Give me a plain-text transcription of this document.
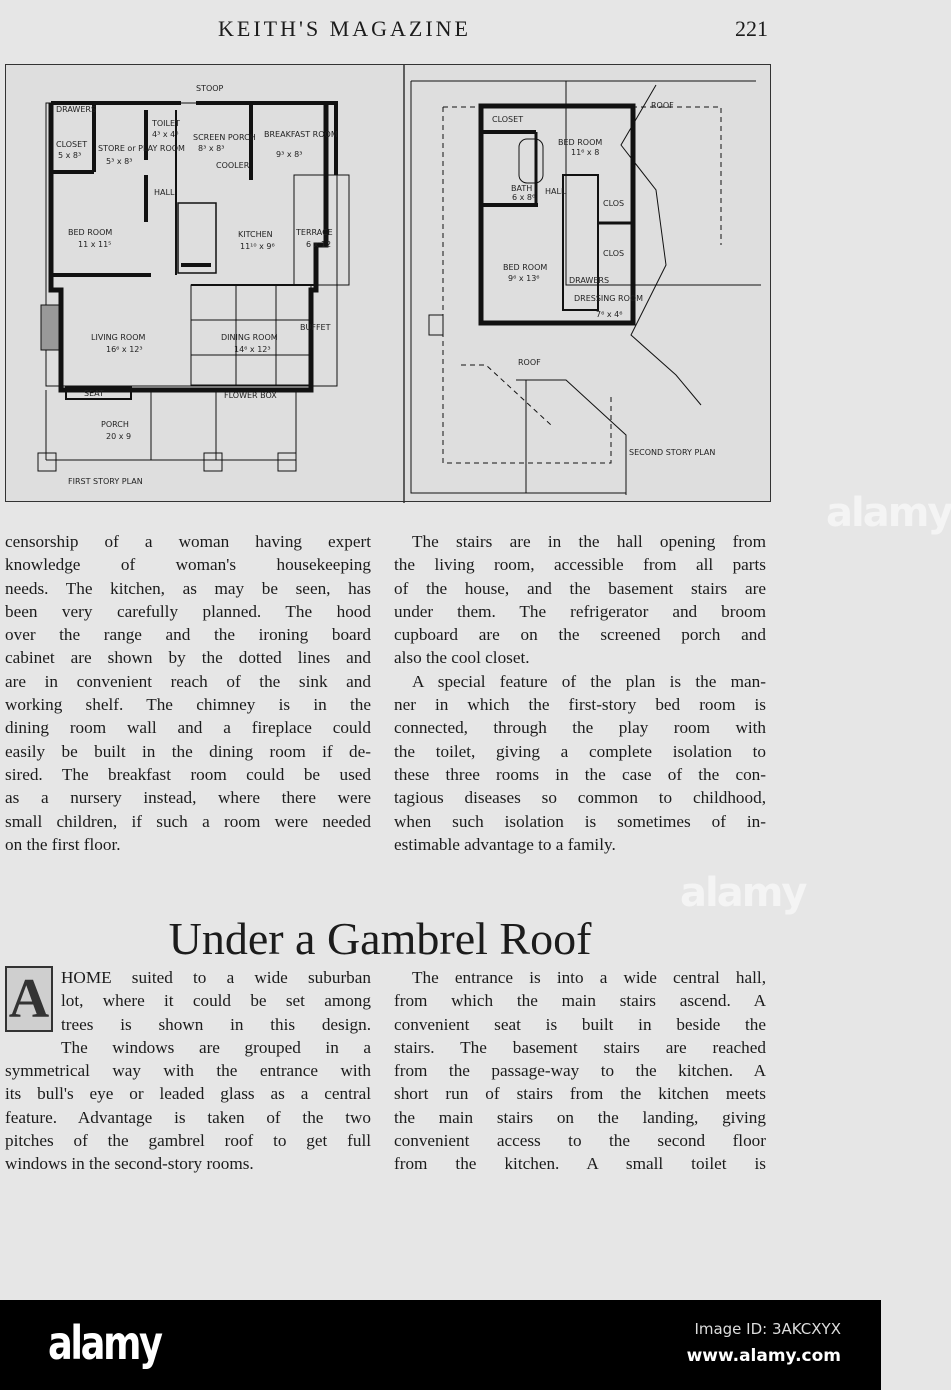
KEITH'S MAGAZINE	221
DRAWERS
CLOSET
5 x 8³
STORE or PLAY ROOM
5³ x 8³
TOILET
4³ x 4⁶ SCREEN PORCH
8³ x 8³
BREAKFAST ROOM
9³ x 8³
STOOP
HALL
BED ROOM
11 x 11⁵
KITCHEN
11¹⁰ x 9⁶
TERRACE
6 x 12
LIVING ROOM
16⁶ x 12³
DINING ROOM
14⁶ x 12³
PORCH
20 x 9
SEAT	FLOWER BOX
BUFFET
COOLER
FIRST STORY PLAN
CLOSET
BED ROOM
11⁶ x 8
BATH
6 x 8⁶
HALL
CLOS
CLOS
BED ROOM
9⁶ x 13⁶	DRAWERS
DRESSING ROOM
7⁶ x 4⁶
ROOF
ROOF
SECOND STORY PLAN
censorship of a woman having expert
knowledge of woman's housekeeping
needs. The kitchen, as may be seen, has
been very carefully planned. The hood
over the range and the ironing board
cabinet are shown by the dotted lines and
are in convenient reach of the sink and
working shelf. The chimney is in the
dining room wall and a fireplace could
easily be built in the dining room if de-
sired. The breakfast room could be used
as a nursery instead, where there were
small children, if such a room were needed
on the first floor.
The stairs are in the hall opening from
the living room, accessible from all parts
of the house, and the basement stairs are
under them. The refrigerator and broom
cupboard are on the screened porch and
also the cool closet.
A special feature of the plan is the man-
ner in which the first-story bed room is
connected, through the play room with
the toilet, giving a complete isolation to
these three rooms in the case of the con-
tagious diseases so common to childhood,
when such isolation is sometimes of in-
estimable advantage to a family.
Under a Gambrel Roof
A HOME suited to a wide suburban
lot, where it could be set among
trees is shown in this design.
The windows are grouped in a
symmetrical way with the entrance with
its bull's eye or leaded glass as a central
feature. Advantage is taken of the two
pitches of the gambrel roof to get full
windows in the second-story rooms.
The entrance is into a wide central hall,
from which the main stairs ascend. A
convenient seat is built in beside the
stairs. The basement stairs are reached
from the passage-way to the kitchen. A
short run of stairs from the kitchen meets
the main stairs on the landing, giving
convenient access to the second floor
from the kitchen. A small toilet is
alamy
alamy
alamy	Image ID: 3AKCXYX
www.alamy.com
